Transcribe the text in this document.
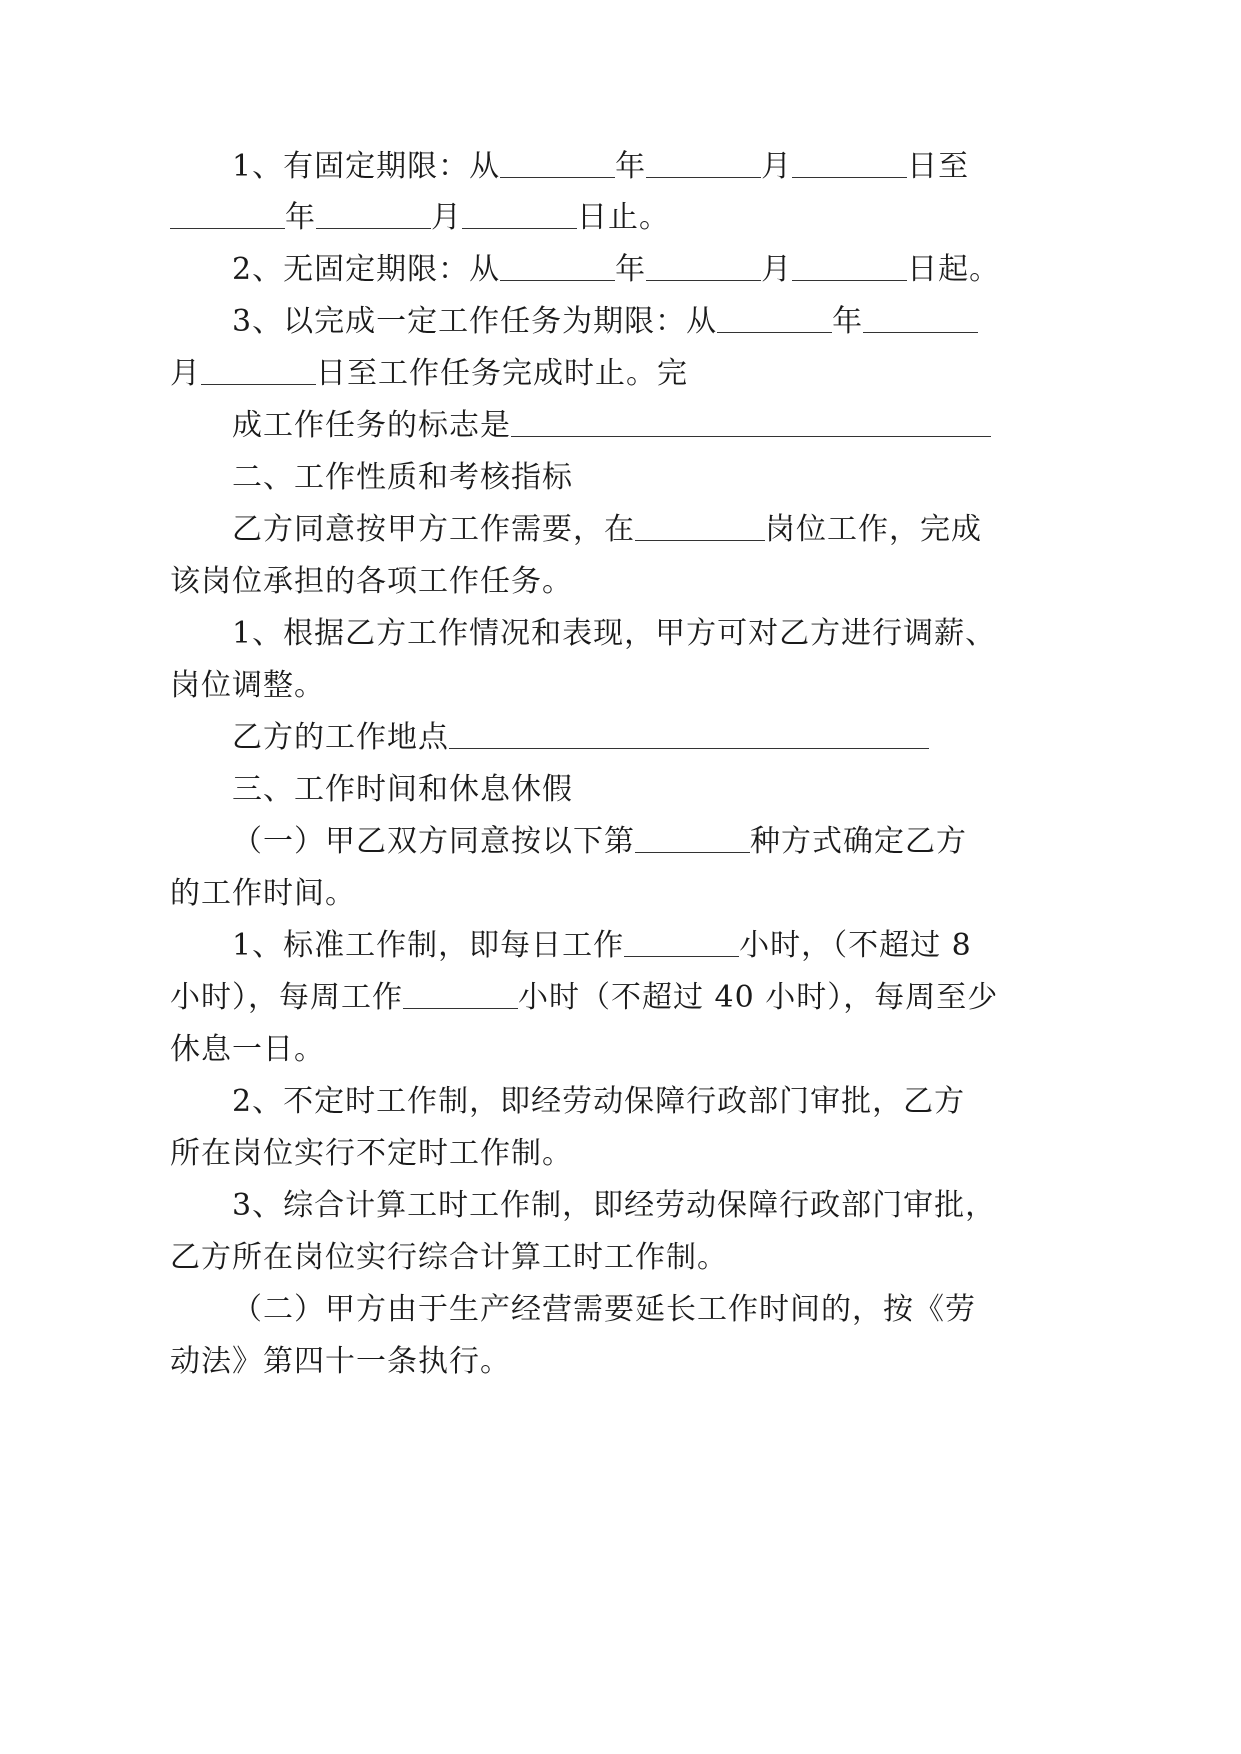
1、有固定期限：从	年	月	日至
年	月	日止。
2、无固定期限：从	年	月	日起。
3、以完成一定工作任务为期限：从	年
月	日至工作任务完成时止。完
成工作任务的标志是
二、工作性质和考核指标
乙方同意按甲方工作需要，在	岗位工作，完成
该岗位承担的各项工作任务。
1、根据乙方工作情况和表现，甲方可对乙方进行调薪、
岗位调整。
乙方的工作地点
三、工作时间和休息休假
（一）甲乙双方同意按以下第	种方式确定乙方
的工作时间。
1、标准工作制，即每日工作	小时，（不超过 8
小时），每周工作	小时（不超过 40 小时），每周至少
休息一日。
2、不定时工作制，即经劳动保障行政部门审批，乙方
所在岗位实行不定时工作制。
3、综合计算工时工作制，即经劳动保障行政部门审批，
乙方所在岗位实行综合计算工时工作制。
（二）甲方由于生产经营需要延长工作时间的，按《劳
动法》第四十一条执行。
